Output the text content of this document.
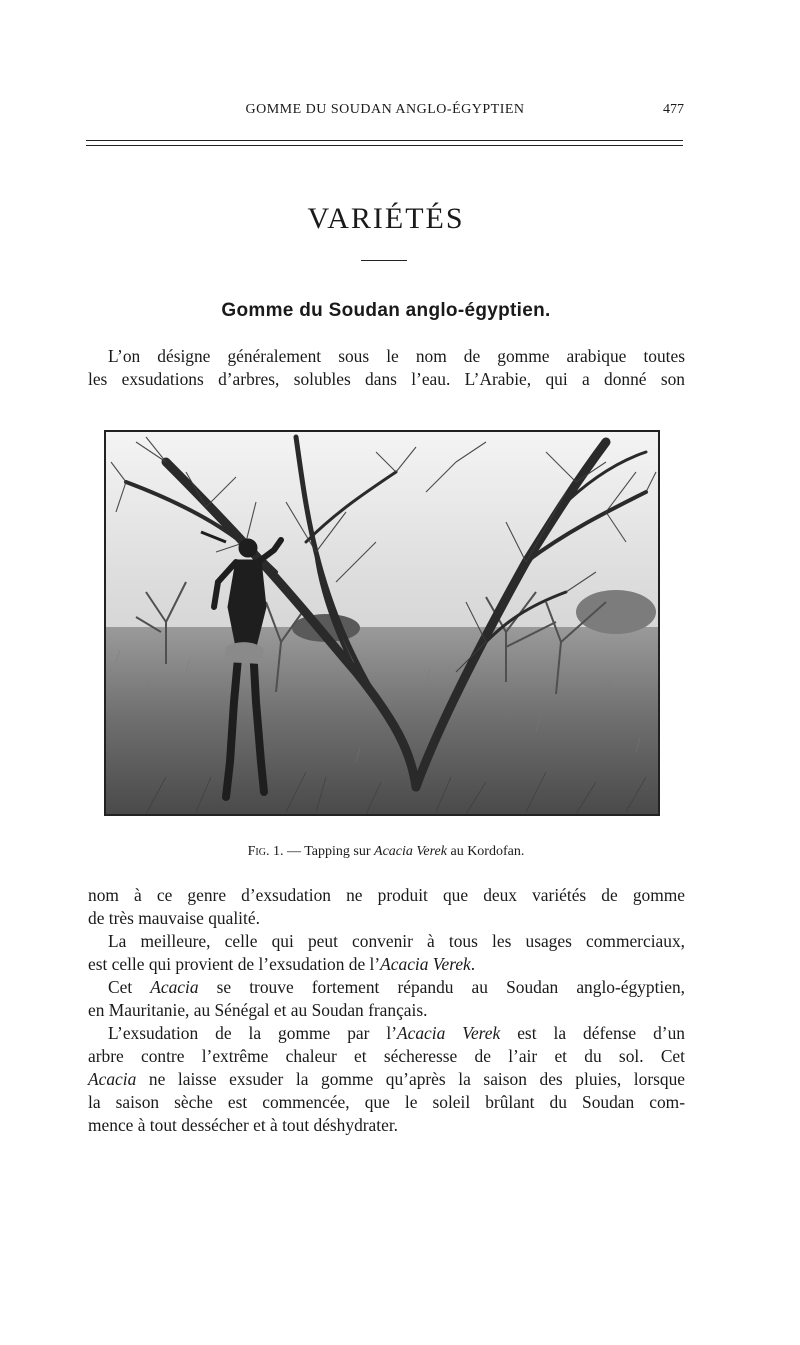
GOMME DU SOUDAN ANGLO-ÉGYPTIEN	477
VARIÉTÉS
Gomme du Soudan anglo-égyptien.
L’on désigne généralement sous le nom de gomme arabique toutes
les exsudations d’arbres, solubles dans l’eau. L’Arabie, qui a donné son
Fig. 1. — Tapping sur Acacia Verek au Kordofan.
nom à ce genre d’exsudation ne produit que deux variétés de gomme
de très mauvaise qualité.
La meilleure, celle qui peut convenir à tous les usages commerciaux,
est celle qui provient de l’exsudation de l’Acacia Verek.
Cet Acacia se trouve fortement répandu au Soudan anglo-égyptien,
en Mauritanie, au Sénégal et au Soudan français.
L’exsudation de la gomme par l’Acacia Verek est la défense d’un
arbre contre l’extrême chaleur et sécheresse de l’air et du sol. Cet
Acacia ne laisse exsuder la gomme qu’après la saison des pluies, lorsque
la saison sèche est commencée, que le soleil brûlant du Soudan com-
mence à tout dessécher et à tout déshydrater.
